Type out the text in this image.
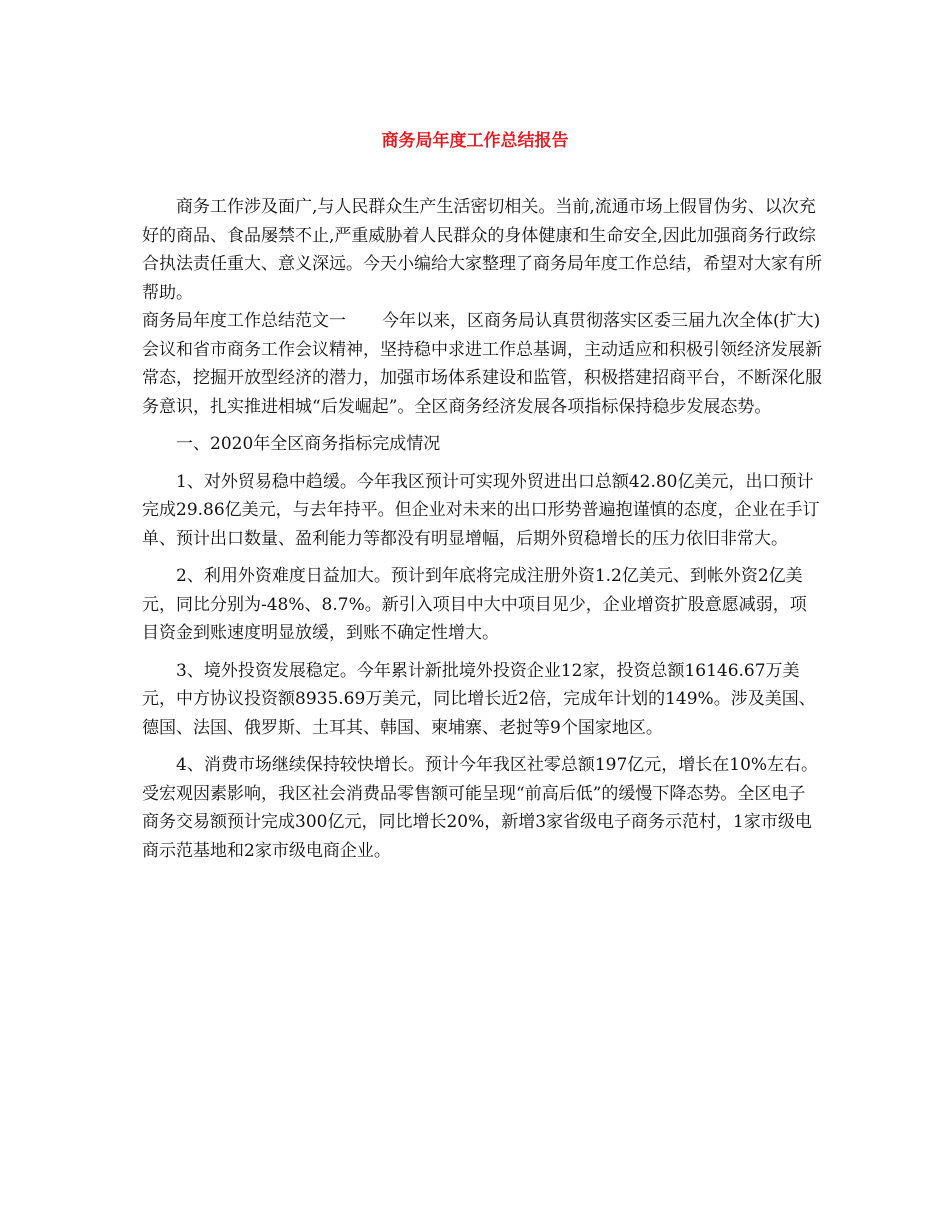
商务局年度工作总结报告

商务工作涉及面广,与人民群众生产生活密切相关。当前,流通市场上假冒伪劣、以次充好的商品、食品屡禁不止,严重威胁着人民群众的身体健康和生命安全,因此加强商务行政综合执法责任重大、意义深远。今天小编给大家整理了商务局年度工作总结，希望对大家有所帮助。

商务局年度工作总结范文一 今年以来，区商务局认真贯彻落实区委三届九次全体(扩大)会议和省市商务工作会议精神，坚持稳中求进工作总基调，主动适应和积极引领经济发展新常态，挖掘开放型经济的潜力，加强市场体系建设和监管，积极搭建招商平台，不断深化服务意识，扎实推进相城“后发崛起”。全区商务经济发展各项指标保持稳步发展态势。

一、2020年全区商务指标完成情况

1、对外贸易稳中趋缓。今年我区预计可实现外贸进出口总额42.80亿美元，出口预计完成29.86亿美元，与去年持平。但企业对未来的出口形势普遍抱谨慎的态度，企业在手订单、预计出口数量、盈利能力等都没有明显增幅，后期外贸稳增长的压力依旧非常大。

2、利用外资难度日益加大。预计到年底将完成注册外资1.2亿美元、到帐外资2亿美元，同比分别为-48%、8.7%。新引入项目中大中项目见少，企业增资扩股意愿减弱，项目资金到账速度明显放缓，到账不确定性增大。

3、境外投资发展稳定。今年累计新批境外投资企业12家，投资总额16146.67万美元，中方协议投资额8935.69万美元，同比增长近2倍，完成年计划的149%。涉及美国、德国、法国、俄罗斯、土耳其、韩国、柬埔寨、老挝等9个国家地区。

4、消费市场继续保持较快增长。预计今年我区社零总额197亿元，增长在10%左右。受宏观因素影响，我区社会消费品零售额可能呈现“前高后低”的缓慢下降态势。全区电子商务交易额预计完成300亿元，同比增长20%，新增3家省级电子商务示范村，1家市级电商示范基地和2家市级电商企业。
